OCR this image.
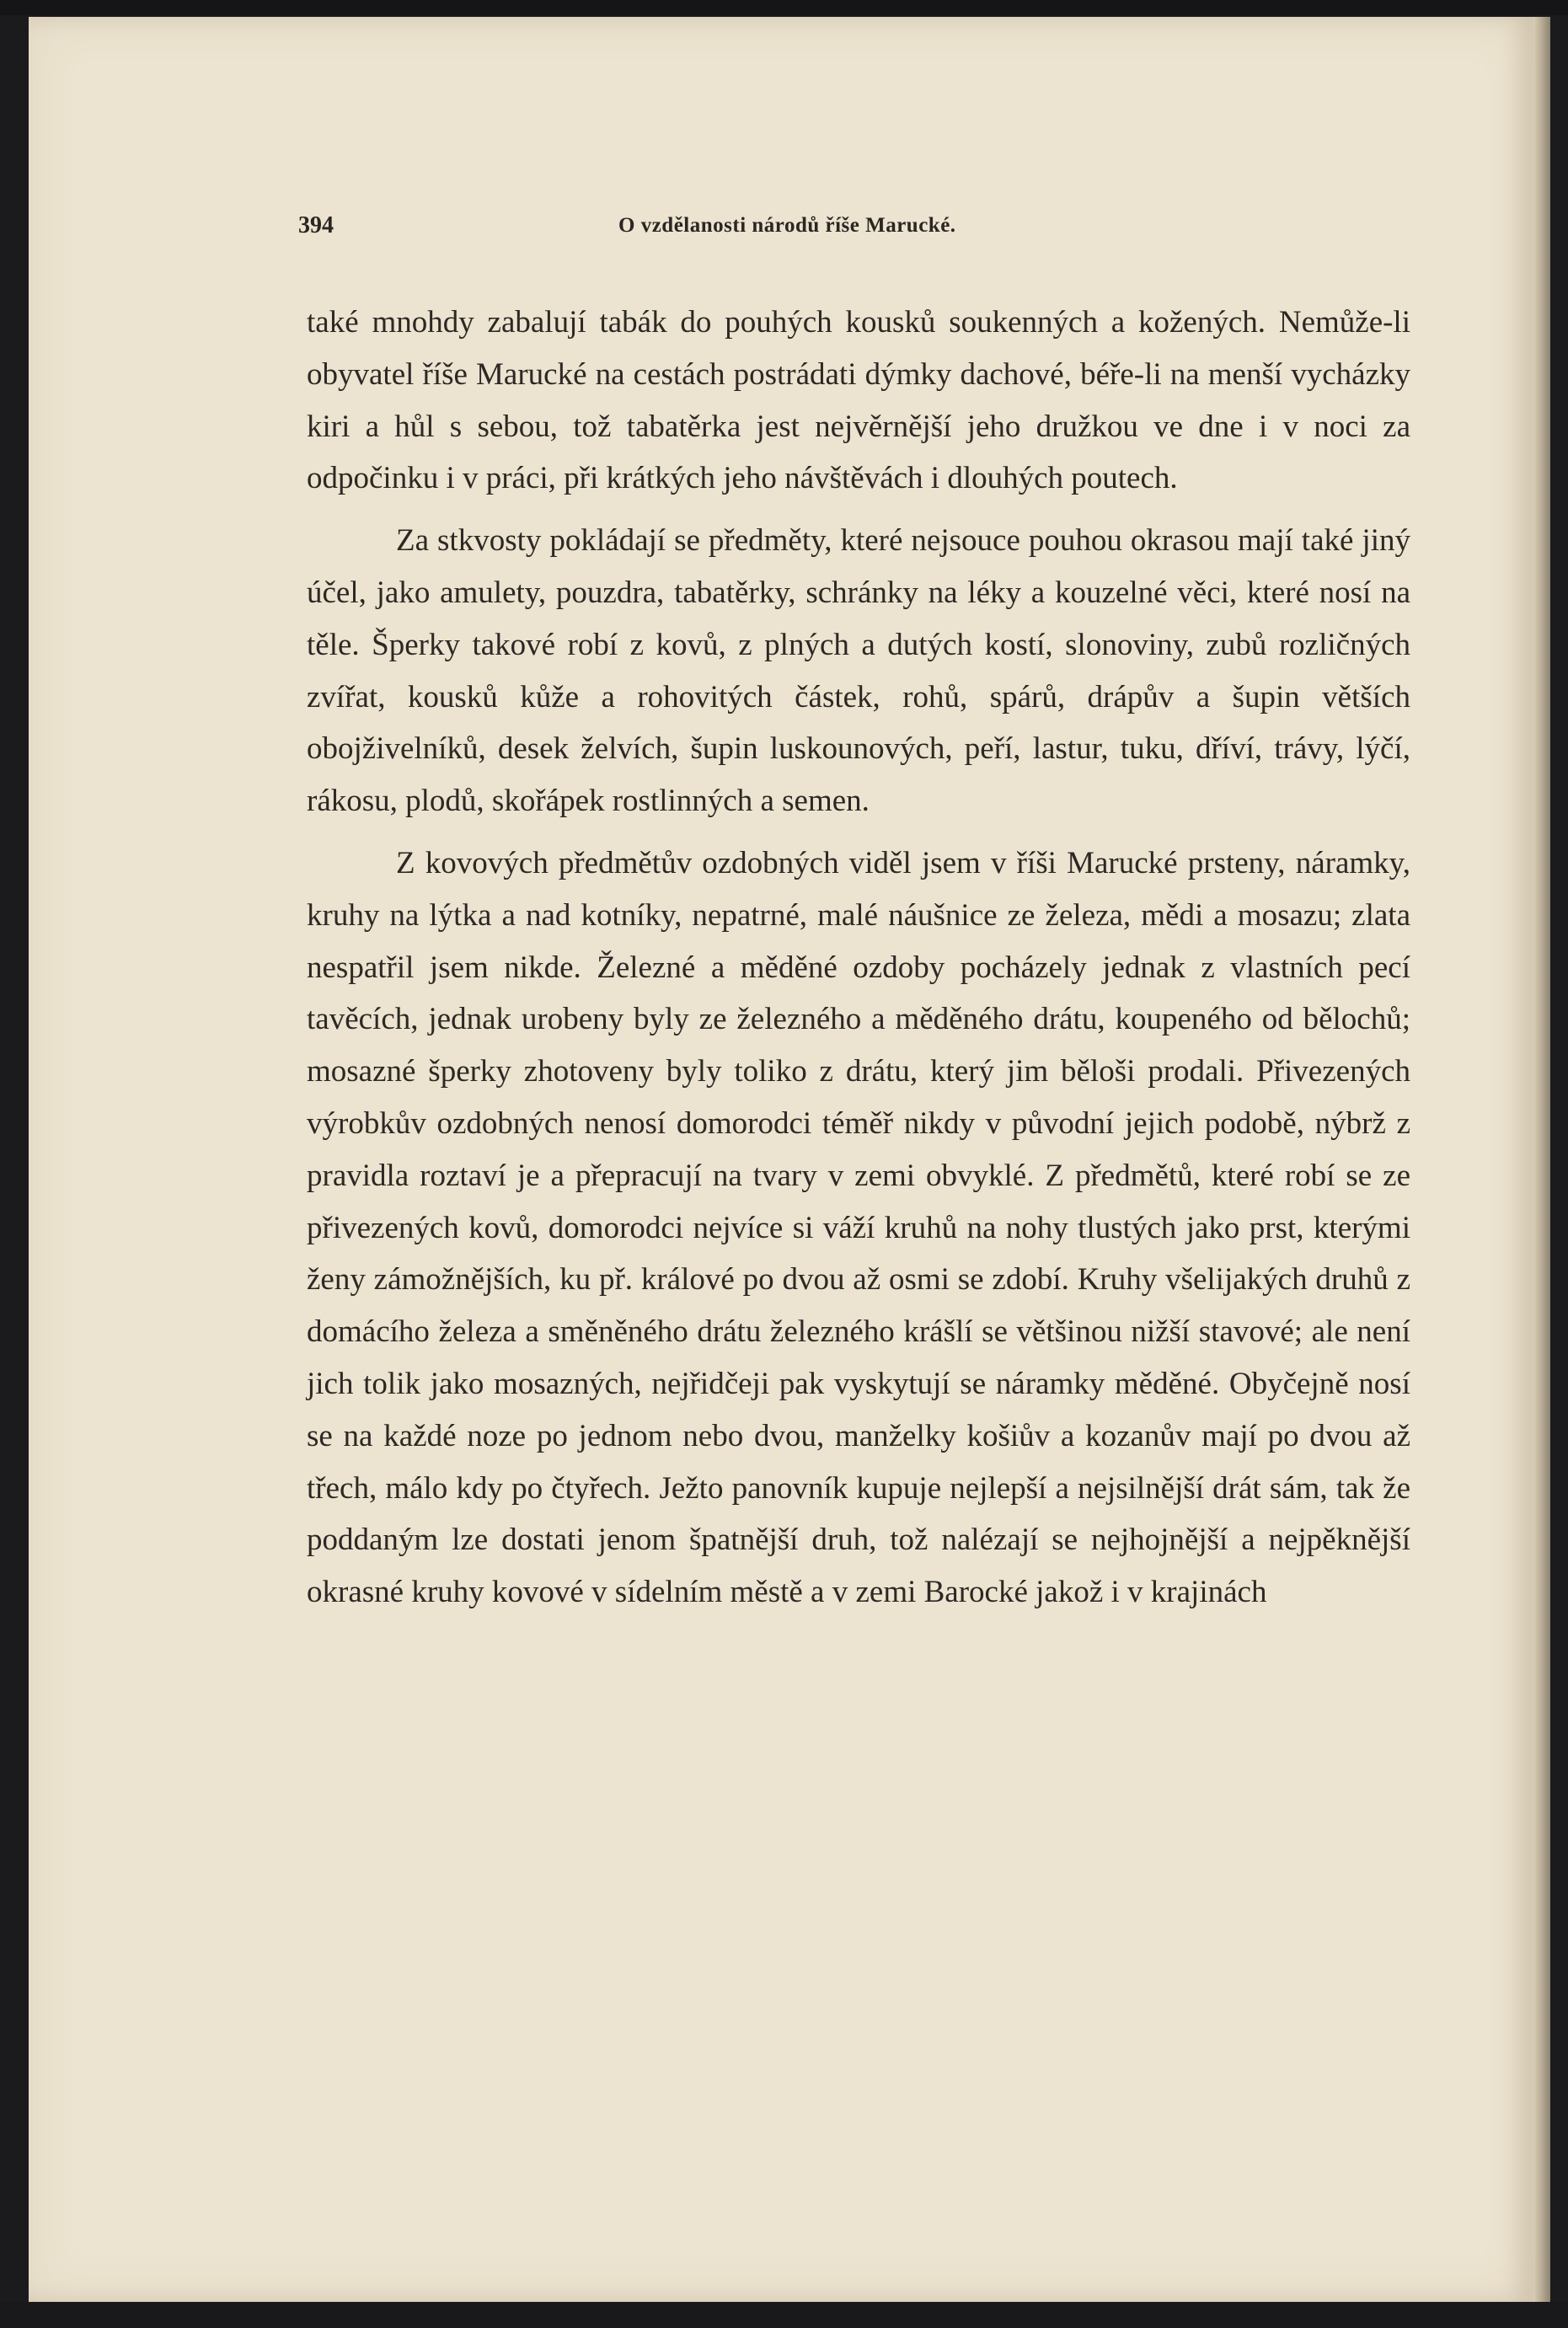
394	O vzdělanosti národů říše Marucké.

také mnohdy zabalují tabák do pouhých kousků soukenných a kožených. Nemůže-li obyvatel říše Marucké na cestách postrádati dýmky dachové, béře-li na menší vycházky kiri a hůl s sebou, tož tabatěrka jest nejvěrnější jeho družkou ve dne i v noci za odpočinku i v práci, při krátkých jeho návštěvách i dlouhých poutech.

Za stkvosty pokládají se předměty, které nejsouce pouhou okrasou mají také jiný účel, jako amulety, pouzdra, tabatěrky, schránky na léky a kouzelné věci, které nosí na těle. Šperky takové robí z kovů, z plných a dutých kostí, slonoviny, zubů rozličných zvířat, kousků kůže a rohovitých částek, rohů, spárů, drápův a šupin větších obojživelníků, desek želvích, šupin luskounových, peří, lastur, tuku, dříví, trávy, lýčí, rákosu, plodů, skořápek rostlinných a semen.

Z kovových předmětův ozdobných viděl jsem v říši Marucké prsteny, náramky, kruhy na lýtka a nad kotníky, nepatrné, malé náušnice ze železa, mědi a mosazu; zlata nespatřil jsem nikde. Železné a měděné ozdoby pocházely jednak z vlastních pecí tavěcích, jednak urobeny byly ze železného a měděného drátu, koupeného od bělochů; mosazné šperky zhotoveny byly toliko z drátu, který jim běloši prodali. Přivezených výrobkův ozdobných nenosí domorodci téměř nikdy v původní jejich podobě, nýbrž z pravidla roztaví je a přepracují na tvary v zemi obvyklé. Z předmětů, které robí se ze přivezených kovů, domorodci nejvíce si váží kruhů na nohy tlustých jako prst, kterými ženy zámožnějších, ku př. králové po dvou až osmi se zdobí. Kruhy všelijakých druhů z domácího železa a směněného drátu železného krášlí se většinou nižší stavové; ale není jich tolik jako mosazných, nejřidčeji pak vyskytují se náramky měděné. Obyčejně nosí se na každé noze po jednom nebo dvou, manželky košiův a kozanův mají po dvou až třech, málo kdy po čtyřech. Ježto panovník kupuje nejlepší a nejsilnější drát sám, tak že poddaným lze dostati jenom špatnější druh, tož nalézají se nejhojnější a nejpěknější okrasné kruhy kovové v sídelním městě a v zemi Barocké jakož i v krajinách
